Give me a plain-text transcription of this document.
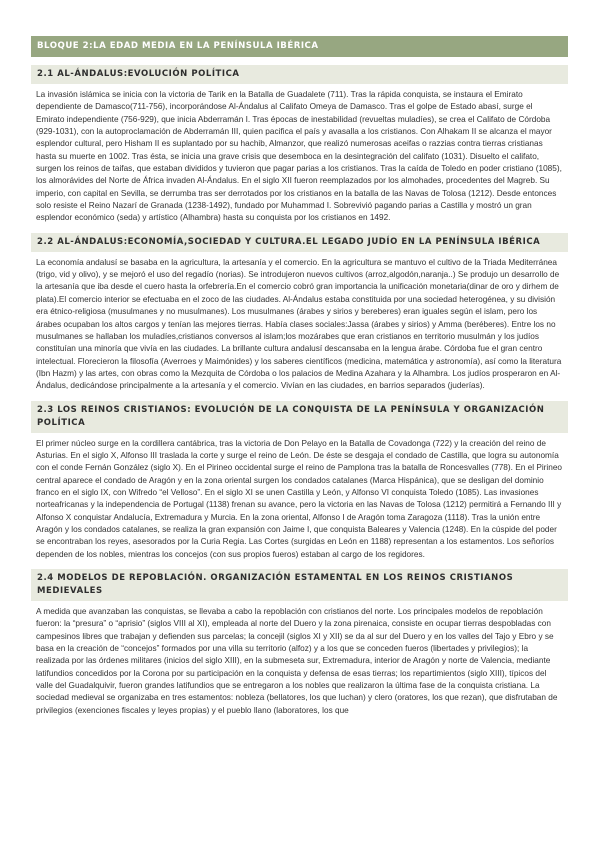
BLOQUE 2:LA EDAD MEDIA EN LA PENÍNSULA IBÉRICA
2.1 AL-ÁNDALUS:EVOLUCIÓN POLÍTICA

La invasión islámica se inicia con la victoria de Tarik en la Batalla de Guadalete (711). Tras la rápida conquista, se instaura el Emirato dependiente de Damasco(711-756), incorporándose Al-Ándalus al Califato Omeya de Damasco. Tras el golpe de Estado abasí, surge el Emirato independiente (756-929), que inicia Abderramán I. Tras épocas de inestabilidad (revueltas muladíes), se crea el Califato de Córdoba (929-1031), con la autoproclamación de Abderramán III, quien pacifica el país y avasalla a los cristianos. Con Alhakam II se alcanza el mayor esplendor cultural, pero Hisham II es suplantado por su hachib, Almanzor, que realizó numerosas aceifas o razzias contra tierras cristianas hasta su muerte en 1002. Tras ésta, se inicia una grave crisis que desemboca en la desintegración del califato (1031). Disuelto el califato, surgen los reinos de taifas, que estaban divididos y tuvieron que pagar parias a los cristianos. Tras la caída de Toledo en poder cristiano (1085), los almorávides del Norte de África invaden Al-Ándalus. En el siglo XII fueron reemplazados por los almohades, procedentes del Magreb. Su imperio, con capital en Sevilla, se derrumba tras ser derrotados por los cristianos en la batalla de las Navas de Tolosa (1212). Desde entonces solo resiste el Reino Nazarí de Granada (1238-1492), fundado por Muhammad I. Sobrevivió pagando parias a Castilla y mostró un gran esplendor económico (seda) y artístico (Alhambra) hasta su conquista por los cristianos en 1492.

2.2 AL-ÁNDALUS:ECONOMÍA,SOCIEDAD Y CULTURA.EL LEGADO JUDÍO EN LA PENÍNSULA IBÉRICA

La economía andalusí se basaba en la agricultura, la artesanía y el comercio. En la agricultura se mantuvo el cultivo de la Triada Mediterránea (trigo, vid y olivo), y se mejoró el uso del regadío (norias). Se introdujeron nuevos cultivos (arroz,algodón,naranja..) Se produjo un desarrollo de la artesanía que iba desde el cuero hasta la orfebrería.En el comercio cobró gran importancia la unificación monetaria(dinar de oro y dirhem de plata).El comercio interior se efectuaba en el zoco de las ciudades. Al-Ándalus estaba constituida por una sociedad heterogénea, y su división era étnico-religiosa (musulmanes y no musulmanes). Los musulmanes (árabes y sirios y bereberes) eran iguales según el islam, pero los árabes ocupaban los altos cargos y tenían las mejores tierras. Había clases sociales:Jassa (árabes y sirios) y Amma (beréberes). Entre los no musulmanes se hallaban los muladíes,cristianos conversos al islam;los mozárabes que eran cristianos en territorio musulmán y los judíos constituían una minoría que vivía en las ciudades. La brillante cultura andalusí descansaba en la lengua árabe. Córdoba fue el gran centro intelectual. Florecieron la filosofía (Averroes y Maimónides) y los saberes científicos (medicina, matemática y astronomía), así como la literatura (Ibn Hazm) y las artes, con obras como la Mezquita de Córdoba o los palacios de Medina Azahara y la Alhambra. Los judíos prosperaron en Al-Ándalus, dedicándose principalmente a la artesanía y el comercio. Vivían en las ciudades, en barrios separados (juderías).

2.3 LOS REINOS CRISTIANOS: EVOLUCIÓN DE LA CONQUISTA DE LA PENÍNSULA Y ORGANIZACIÓN POLÍTICA

El primer núcleo surge en la cordillera cantábrica, tras la victoria de Don Pelayo en la Batalla de Covadonga (722) y la creación del reino de Asturias. En el siglo X, Alfonso III traslada la corte y surge el reino de León. De éste se desgaja el condado de Castilla, que logra su autonomía con el conde Fernán González (siglo X). En el Pirineo occidental surge el reino de Pamplona tras la batalla de Roncesvalles (778). En el Pirineo central aparece el condado de Aragón y en la zona oriental surgen los condados catalanes (Marca Hispánica), que se desligan del dominio franco en el siglo IX, con Wifredo “el Velloso”. En el siglo XI se unen Castilla y León, y Alfonso VI conquista Toledo (1085). Las invasiones norteafricanas y la independencia de Portugal (1138) frenan su avance, pero la victoria en las Navas de Tolosa (1212) permitirá a Fernando III y Alfonso X conquistar Andalucía, Extremadura y Murcia. En la zona oriental, Alfonso I de Aragón toma Zaragoza (1118). Tras la unión entre Aragón y los condados catalanes, se realiza la gran expansión con Jaime I, que conquista Baleares y Valencia (1248). En la cúspide del poder se encontraban los reyes, asesorados por la Curia Regia. Las Cortes (surgidas en León en 1188) representan a los estamentos. Los señoríos dependen de los nobles, mientras los concejos (con sus propios fueros) estaban al cargo de los regidores.

2.4 MODELOS DE REPOBLACIÓN. ORGANIZACIÓN ESTAMENTAL EN LOS REINOS CRISTIANOS MEDIEVALES

A medida que avanzaban las conquistas, se llevaba a cabo la repoblación con cristianos del norte. Los principales modelos de repoblación fueron: la “presura” o “aprisio” (siglos VIII al XI), empleada al norte del Duero y la zona pirenaica, consiste en ocupar tierras despobladas con campesinos libres que trabajan y defienden sus parcelas; la concejil (siglos XI y XII) se da al sur del Duero y en los valles del Tajo y Ebro y se basa en la creación de “concejos” formados por una villa su territorio (alfoz) y a los que se conceden fueros (libertades y privilegios); la realizada por las órdenes militares (inicios del siglo XIII), en la submeseta sur, Extremadura, interior de Aragón y norte de Valencia, mediante latifundios concedidos por la Corona por su participación en la conquista y defensa de esas tierras; los repartimientos (siglo XIII), típicos del valle del Guadalquivir, fueron grandes latifundios que se entregaron a los nobles que realizaron la última fase de la conquista cristiana. La sociedad medieval se organizaba en tres estamentos: nobleza (bellatores, los que luchan) y clero (oratores, los que rezan), que disfrutaban de privilegios (exenciones fiscales y leyes propias) y el pueblo llano (laboratores, los que
